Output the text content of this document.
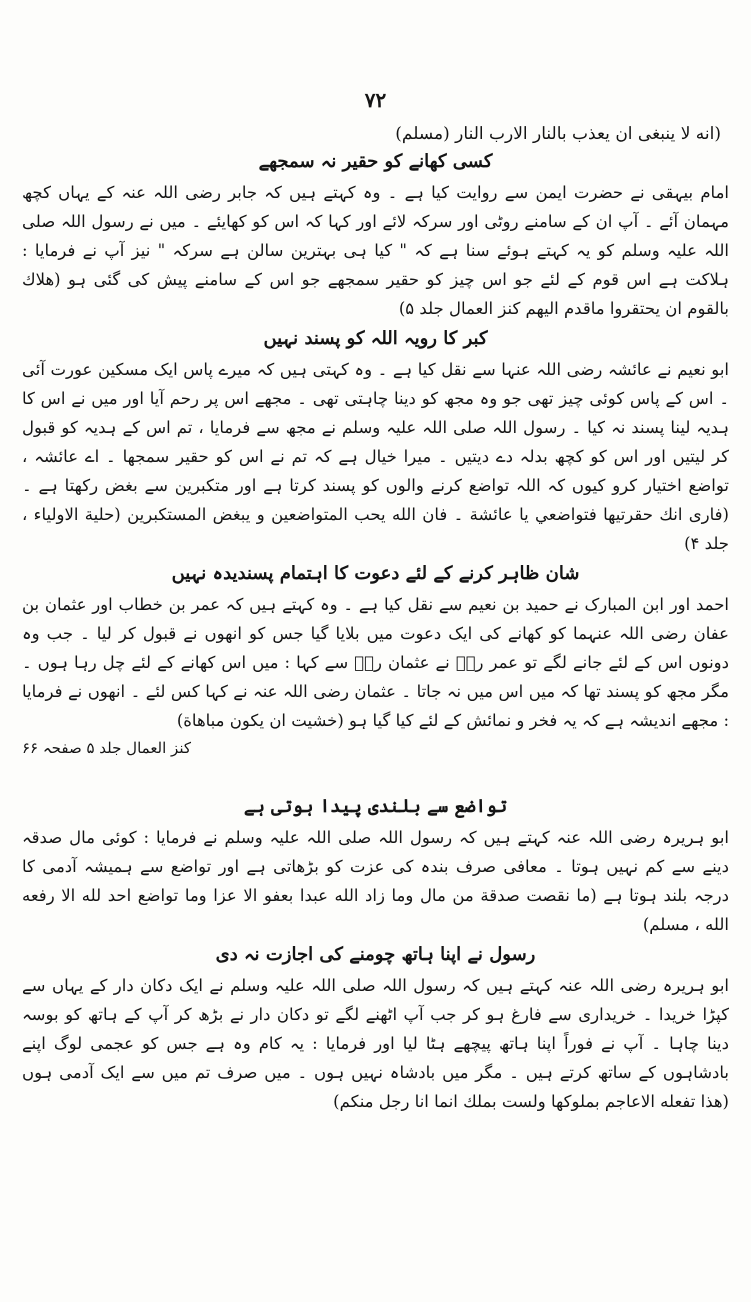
۷۲

(انه لا ینبغی ان یعذب بالنار الارب النار (مسلم)

کسی کھانے کو حقیر نہ سمجھے

امام بیہقی نے حضرت ایمن سے روایت کیا ہے ۔ وہ کہتے ہیں کہ جابر رضی اللہ عنہ کے یہاں کچھ مہمان آئے ۔ آپ ان کے سامنے روٹی اور سرکہ لائے اور کہا کہ اس کو کھایئے ۔ میں نے رسول اللہ صلی اللہ علیہ وسلم کو یہ کہتے ہوئے سنا ہے کہ " کیا ہی بہترین سالن ہے سرکہ " نیز آپ نے فرمایا : ہلاکت ہے اس قوم کے لئے جو اس چیز کو حقیر سمجھے جو اس کے سامنے پیش کی گئی ہو (هلاك بالقوم ان يحتقروا ماقدم اليهم کنز العمال جلد ۵)

کبر کا رویہ اللہ کو پسند نہیں

ابو نعیم نے عائشہ رضی اللہ عنہا سے نقل کیا ہے ۔ وہ کہتی ہیں کہ میرے پاس ایک مسکین عورت آئی ۔ اس کے پاس کوئی چیز تھی جو وہ مجھ کو دینا چاہتی تھی ۔ مجھے اس پر رحم آیا اور میں نے اس کا ہدیہ لینا پسند نہ کیا ۔ رسول اللہ صلی اللہ علیہ وسلم نے مجھ سے فرمایا ، تم اس کے ہدیہ کو قبول کر لیتیں اور اس کو کچھ بدلہ دے دیتیں ۔ میرا خیال ہے کہ تم نے اس کو حقیر سمجھا ۔ اے عائشہ ، تواضع اختیار کرو کیوں کہ اللہ تواضع کرنے والوں کو پسند کرتا ہے اور متکبرین سے بغض رکھتا ہے ۔ (فاری انك حقرتيها فتواضعي يا عائشة ۔ فان الله يحب المتواضعين و يبغض المستكبرين (حلية الاولياء ، جلد ۴)

شان ظاہر کرنے کے لئے دعوت کا اہتمام پسندیدہ نہیں

احمد اور ابن المبارک نے حمید بن نعیم سے نقل کیا ہے ۔ وہ کہتے ہیں کہ عمر بن خطاب اور عثمان بن عفان رضی اللہ عنہما کو کھانے کی ایک دعوت میں بلایا گیا جس کو انھوں نے قبول کر لیا ۔ جب وہ دونوں اس کے لئے جانے لگے تو عمر رضؓ نے عثمان رضؓ سے کہا : میں اس کھانے کے لئے چل رہا ہوں ۔ مگر مجھ کو پسند تھا کہ میں اس میں نہ جاتا ۔ عثمان رضی اللہ عنہ نے کہا کس لئے ۔ انھوں نے فرمایا : مجھے اندیشہ ہے کہ یہ فخر و نمائش کے لئے کیا گیا ہو (خشيت ان يكون مباهاة)

کنز العمال جلد ۵ صفحہ ۶۶

تواضع سے بلندی پیدا ہوتی ہے

ابو ہریرہ رضی اللہ عنہ کہتے ہیں کہ رسول اللہ صلی اللہ علیہ وسلم نے فرمایا : کوئی مال صدقہ دینے سے کم نہیں ہوتا ۔ معافی صرف بندہ کی عزت کو بڑھاتی ہے اور تواضع سے ہمیشہ آدمی کا درجہ بلند ہوتا ہے (ما نقصت صدقة من مال وما زاد الله عبدا بعفو الا عزا وما تواضع احد لله الا رفعه الله ، مسلم)

رسول نے اپنا ہاتھ چومنے کی اجازت نہ دی

ابو ہریرہ رضی اللہ عنہ کہتے ہیں کہ رسول اللہ صلی اللہ علیہ وسلم نے ایک دکان دار کے یہاں سے کپڑا خریدا ۔ خریداری سے فارغ ہو کر جب آپ اٹھنے لگے تو دکان دار نے بڑھ کر آپ کے ہاتھ کو بوسہ دینا چاہا ۔ آپ نے فوراً اپنا ہاتھ پیچھے ہٹا لیا اور فرمایا : یہ کام وہ ہے جس کو عجمی لوگ اپنے بادشاہوں کے ساتھ کرتے ہیں ۔ مگر میں بادشاہ نہیں ہوں ۔ میں صرف تم میں سے ایک آدمی ہوں (هذا تفعله الاعاجم بملوكها ولست بملك انما انا رجل منكم)
